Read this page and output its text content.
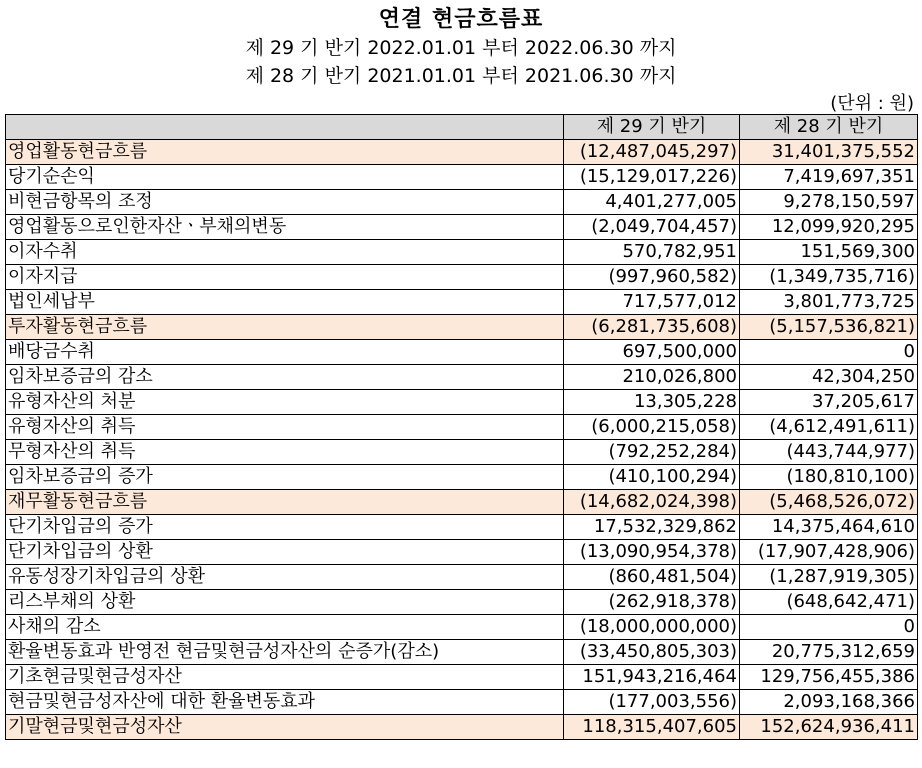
연결 현금흐름표
제 29 기 반기 2022.01.01 부터 2022.06.30 까지
제 28 기 반기 2021.01.01 부터 2021.06.30 까지
(단위 : 원)
	제 29 기 반기	제 28 기 반기
영업활동현금흐름	(12,487,045,297)	31,401,375,552
당기순손익	(15,129,017,226)	7,419,697,351
비현금항목의 조정	4,401,277,005	9,278,150,597
영업활동으로인한자산ㆍ부채의변동	(2,049,704,457)	12,099,920,295
이자수취	570,782,951	151,569,300
이자지급	(997,960,582)	(1,349,735,716)
법인세납부	717,577,012	3,801,773,725
투자활동현금흐름	(6,281,735,608)	(5,157,536,821)
배당금수취	697,500,000	0
임차보증금의 감소	210,026,800	42,304,250
유형자산의 처분	13,305,228	37,205,617
유형자산의 취득	(6,000,215,058)	(4,612,491,611)
무형자산의 취득	(792,252,284)	(443,744,977)
임차보증금의 증가	(410,100,294)	(180,810,100)
재무활동현금흐름	(14,682,024,398)	(5,468,526,072)
단기차입금의 증가	17,532,329,862	14,375,464,610
단기차입금의 상환	(13,090,954,378)	(17,907,428,906)
유동성장기차입금의 상환	(860,481,504)	(1,287,919,305)
리스부채의 상환	(262,918,378)	(648,642,471)
사채의 감소	(18,000,000,000)	0
환율변동효과 반영전 현금및현금성자산의 순증가(감소)	(33,450,805,303)	20,775,312,659
기초현금및현금성자산	151,943,216,464	129,756,455,386
현금및현금성자산에 대한 환율변동효과	(177,003,556)	2,093,168,366
기말현금및현금성자산	118,315,407,605	152,624,936,411
